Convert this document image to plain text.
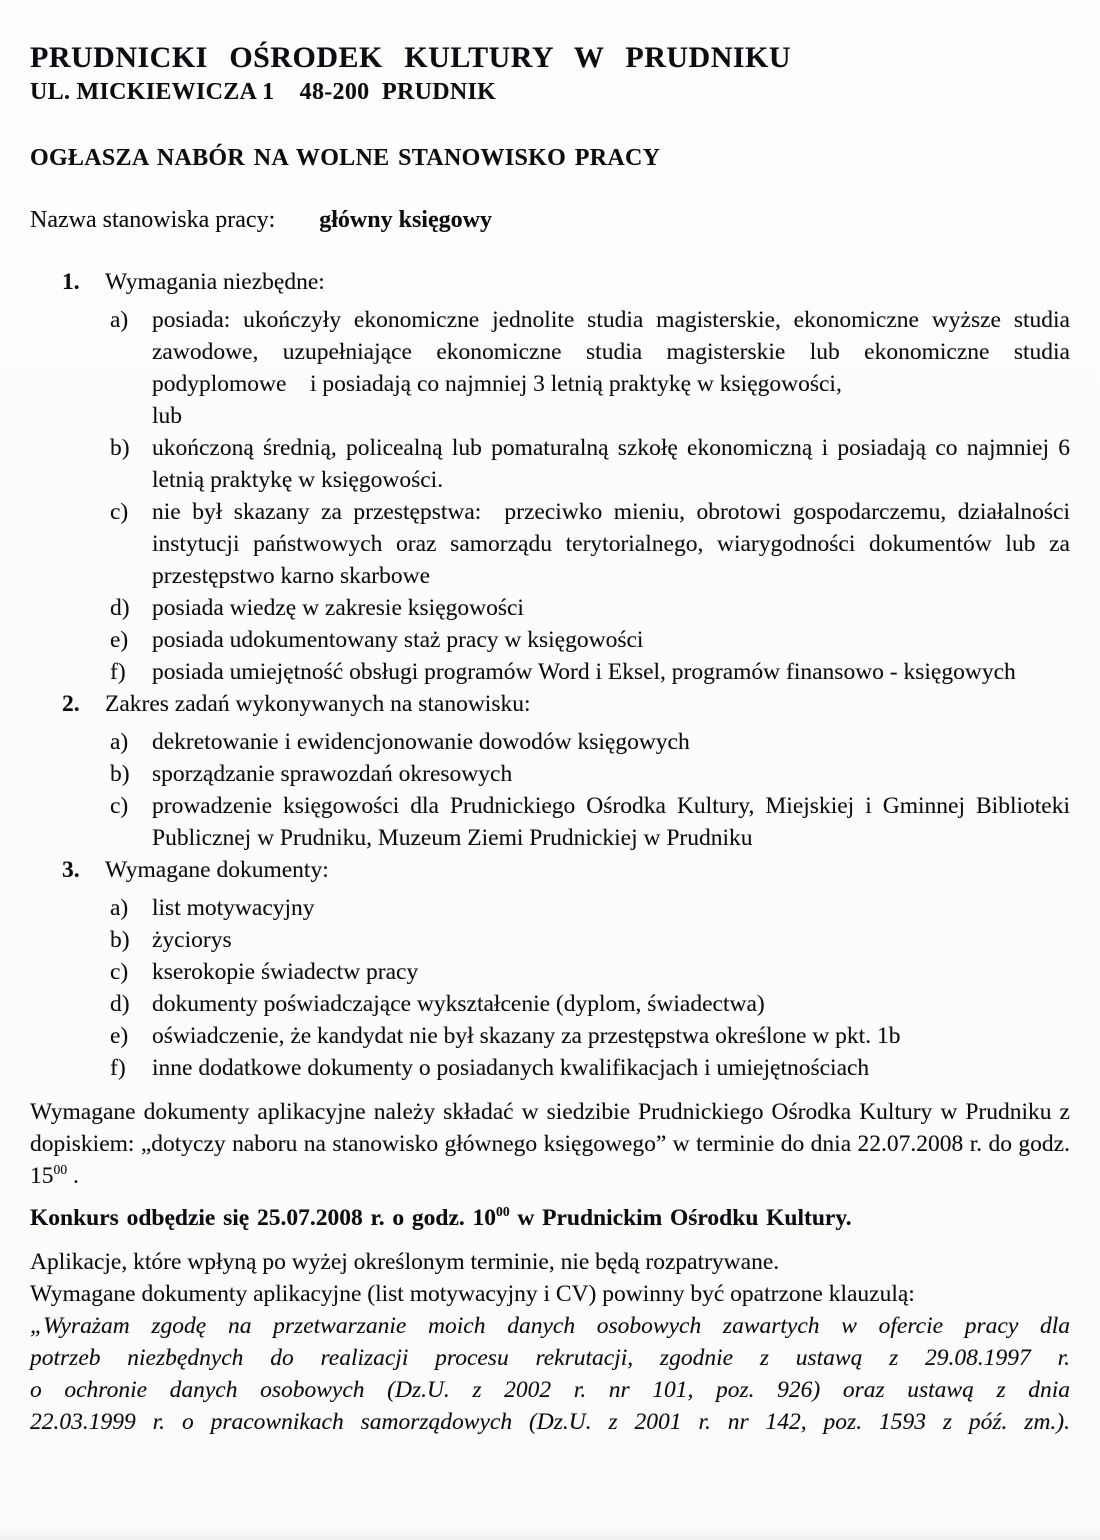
PRUDNICKI OŚRODEK KULTURY W PRUDNIKU
UL. MICKIEWICZA 1    48-200  PRUDNIK
OGŁASZA NABÓR NA WOLNE STANOWISKO PRACY
Nazwa stanowiska pracy: główny księgowy
1.	Wymagania niezbędne:
a)	posiada: ukończyły ekonomiczne jednolite studia magisterskie, ekonomiczne wyższe studia zawodowe, uzupełniające ekonomiczne studia magisterskie lub ekonomiczne studia podyplomowe    i posiadają co najmniej 3 letnią praktykę w księgowości,
lub
b) ukończoną średnią, policealną lub pomaturalną szkołę ekonomiczną i posiadają co najmniej 6 letnią praktykę w księgowości.
c)	nie był skazany za przestępstwa:  przeciwko mieniu, obrotowi gospodarczemu, działalności instytucji państwowych oraz samorządu terytorialnego, wiarygodności dokumentów lub za przestępstwo karno skarbowe
d) posiada wiedzę w zakresie księgowości
e)	posiada udokumentowany staż pracy w księgowości
f)	posiada umiejętność obsługi programów Word i Eksel, programów finansowo - księgowych
2.	Zakres zadań wykonywanych na stanowisku:
a)	dekretowanie i ewidencjonowanie dowodów księgowych
b) sporządzanie sprawozdań okresowych
c)	prowadzenie księgowości dla Prudnickiego Ośrodka Kultury, Miejskiej i Gminnej Biblioteki Publicznej w Prudniku, Muzeum Ziemi Prudnickiej w Prudniku
3.	Wymagane dokumenty:
a)	list motywacyjny
b) życiorys
c)	kserokopie świadectw pracy
d) dokumenty poświadczające wykształcenie (dyplom, świadectwa)
e)	oświadczenie, że kandydat nie był skazany za przestępstwa określone w pkt. 1b
f)	inne dodatkowe dokumenty o posiadanych kwalifikacjach i umiejętnościach

Wymagane dokumenty aplikacyjne należy składać w siedzibie Prudnickiego Ośrodka Kultury w Prudniku z dopiskiem: „dotyczy naboru na stanowisko głównego księgowego” w terminie do dnia 22.07.2008 r. do godz. $15^{00}$ .

Konkurs odbędzie się 25.07.2008 r. o godz. $10^{00}$ w Prudnickim Ośrodku Kultury.

Aplikacje, które wpłyną po wyżej określonym terminie, nie będą rozpatrywane.

Wymagane dokumenty aplikacyjne (list motywacyjny i CV) powinny być opatrzone klauzulą:

„Wyrażam zgodę na przetwarzanie moich danych osobowych zawartych w ofercie pracy dla
potrzeb niezbędnych do realizacji procesu rekrutacji, zgodnie z ustawą z 29.08.1997 r.
o ochronie danych osobowych (Dz.U. z 2002 r. nr 101, poz. 926) oraz ustawą z dnia
22.03.1999 r. o pracownikach samorządowych (Dz.U. z 2001 r. nr 142, poz. 1593 z póź. zm.).
